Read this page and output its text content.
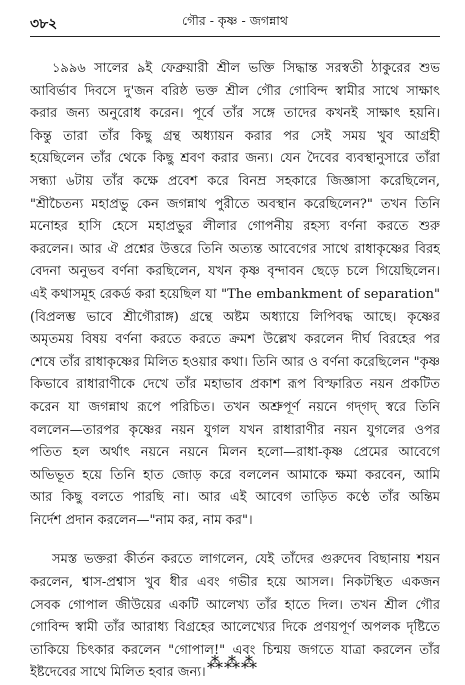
৩৮২	গৌর - কৃষ্ণ - জগন্নাথ
১৯৯৬ সালের ৯ই ফেব্রুয়ারী শ্রীল ভক্তি সিদ্ধান্ত সরস্বতী ঠাকুরের শুভ
আবির্ভাব দিবসে দু'জন বরিষ্ঠ ভক্ত শ্রীল গৌর গোবিন্দ স্বামীর সাথে সাক্ষাৎ
করার জন্য অনুরোধ করেন। পূর্বে তাঁর সঙ্গে তাদের কখনই সাক্ষাৎ হয়নি।
কিন্তু তারা তাঁর কিছু গ্রন্থ অধ্যায়ন করার পর সেই সময় খুব আগ্রহী
হয়েছিলেন তাঁর থেকে কিছু শ্রবণ করার জন্য। যেন দৈবের ব্যবস্থানুসারে তাঁরা
সন্ধ্যা ৬টায় তাঁর কক্ষে প্রবেশ করে বিনম্র সহকারে জিজ্ঞাসা করেছিলেন,
"শ্রীচৈতন্য মহাপ্রভু কেন জগন্নাথ পুরীতে অবস্থান করেছিলেন?" তখন তিনি
মনোহর হাসি হেসে মহাপ্রভুর লীলার গোপনীয় রহস্য বর্ণনা করতে শুরু
করলেন। আর ঐ প্রশ্নের উত্তরে তিনি অত্যন্ত আবেগের সাথে রাধাকৃষ্ণের বিরহ
বেদনা অনুভব বর্ণনা করছিলেন, যখন কৃষ্ণ বৃন্দাবন ছেড়ে চলে গিয়েছিলেন।
এই কথাসমূহ রেকর্ড করা হয়েছিল যা "The embankment of separation"
(বিপ্রলম্ভ ভাবে শ্রীগৌরাঙ্গ) গ্রন্থে অষ্টম অধ্যায়ে লিপিবদ্ধ আছে। কৃষ্ণের
অমৃতময় বিষয় বর্ণনা করতে করতে ক্রমশ উল্লেখ করলেন দীর্ঘ বিরহের পর
শেষে তাঁর রাধাকৃষ্ণের মিলিত হওয়ার কথা। তিনি আর ও বর্ণনা করেছিলেন "কৃষ্ণ
কিভাবে রাধারাণীকে দেখে তাঁর মহাভাব প্রকাশ রূপ বিস্ফারিত নয়ন প্রকটিত
করেন যা জগন্নাথ রূপে পরিচিত। তখন অশ্রুপূর্ণ নয়নে গদ্‌গদ্ স্বরে তিনি
বললেন—তারপর কৃষ্ণের নয়ন যুগল যখন রাধারাণীর নয়ন যুগলের ওপর
পতিত হল অর্থাৎ নয়নে নয়নে মিলন হলো—রাধা-কৃষ্ণ প্রেমের আবেগে
অভিভূত হয়ে তিনি হাত জোড় করে বললেন আমাকে ক্ষমা করবেন, আমি
আর কিছু বলতে পারছি না। আর এই আবেগ তাড়িত কণ্ঠে তাঁর অন্তিম
নির্দেশ প্রদান করলেন—"নাম কর, নাম কর"।
সমস্ত ভক্তরা কীর্তন করতে লাগলেন, যেই তাঁদের গুরুদেব বিছানায় শয়ন
করলেন, শ্বাস-প্রশ্বাস খুব ধীর এবং গভীর হয়ে আসল। নিকটস্থিত একজন
সেবক গোপাল জীউয়ের একটি আলেখ্য তাঁর হাতে দিল। তখন শ্রীল গৌর
গোবিন্দ স্বামী তাঁর আরাধ্য বিগ্রহের আলেখ্যের দিকে প্রণয়পূর্ণ অপলক দৃষ্টিতে
তাকিয়ে চিৎকার করলেন "গোপাল!" এবং চিন্ময় জগতে যাত্রা করলেন তাঁর
ইষ্টদেবের সাথে মিলিত হবার জন্য।
⁂⁂⁂
